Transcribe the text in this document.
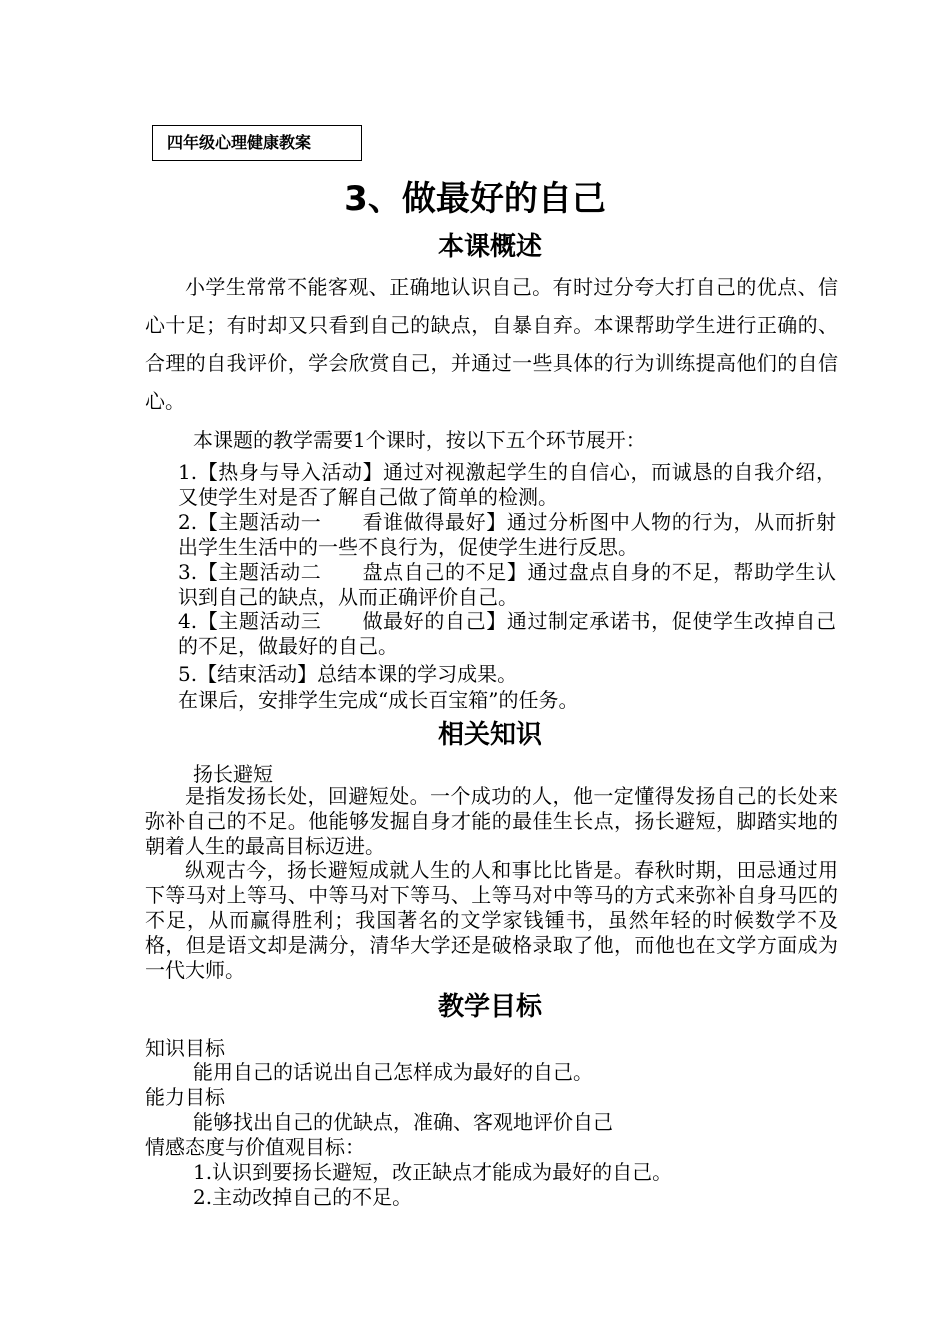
四年级心理健康教案
3、做最好的自己
本课概述

小学生常常不能客观、正确地认识自己。有时过分夸大打自己的优点、信心十足；有时却又只看到自己的缺点，自暴自弃。本课帮助学生进行正确的、合理的自我评价，学会欣赏自己，并通过一些具体的行为训练提高他们的自信心。

本课题的教学需要1个课时，按以下五个环节展开：

1.【热身与导入活动】通过对视激起学生的自信心，而诚恳的自我介绍，又使学生对是否了解自己做了简单的检测。

2.【主题活动一　　看谁做得最好】通过分析图中人物的行为，从而折射出学生生活中的一些不良行为，促使学生进行反思。

3.【主题活动二　　盘点自己的不足】通过盘点自身的不足，帮助学生认识到自己的缺点，从而正确评价自己。

4.【主题活动三　　做最好的自己】通过制定承诺书，促使学生改掉自己的不足，做最好的自己。

5.【结束活动】总结本课的学习成果。
在课后，安排学生完成“成长百宝箱”的任务。
相关知识
扬长避短

是指发扬长处，回避短处。一个成功的人，他一定懂得发扬自己的长处来弥补自己的不足。他能够发掘自身才能的最佳生长点，扬长避短，脚踏实地的朝着人生的最高目标迈进。

纵观古今，扬长避短成就人生的人和事比比皆是。春秋时期，田忌通过用下等马对上等马、中等马对下等马、上等马对中等马的方式来弥补自身马匹的不足，从而赢得胜利；我国著名的文学家钱锺书，虽然年轻的时候数学不及格，但是语文却是满分，清华大学还是破格录取了他，而他也在文学方面成为一代大师。

教学目标
知识目标
能用自己的话说出自己怎样成为最好的自己。
能力目标
能够找出自己的优缺点，准确、客观地评价自己
情感态度与价值观目标：
1.认识到要扬长避短，改正缺点才能成为最好的自己。
2.主动改掉自己的不足。
